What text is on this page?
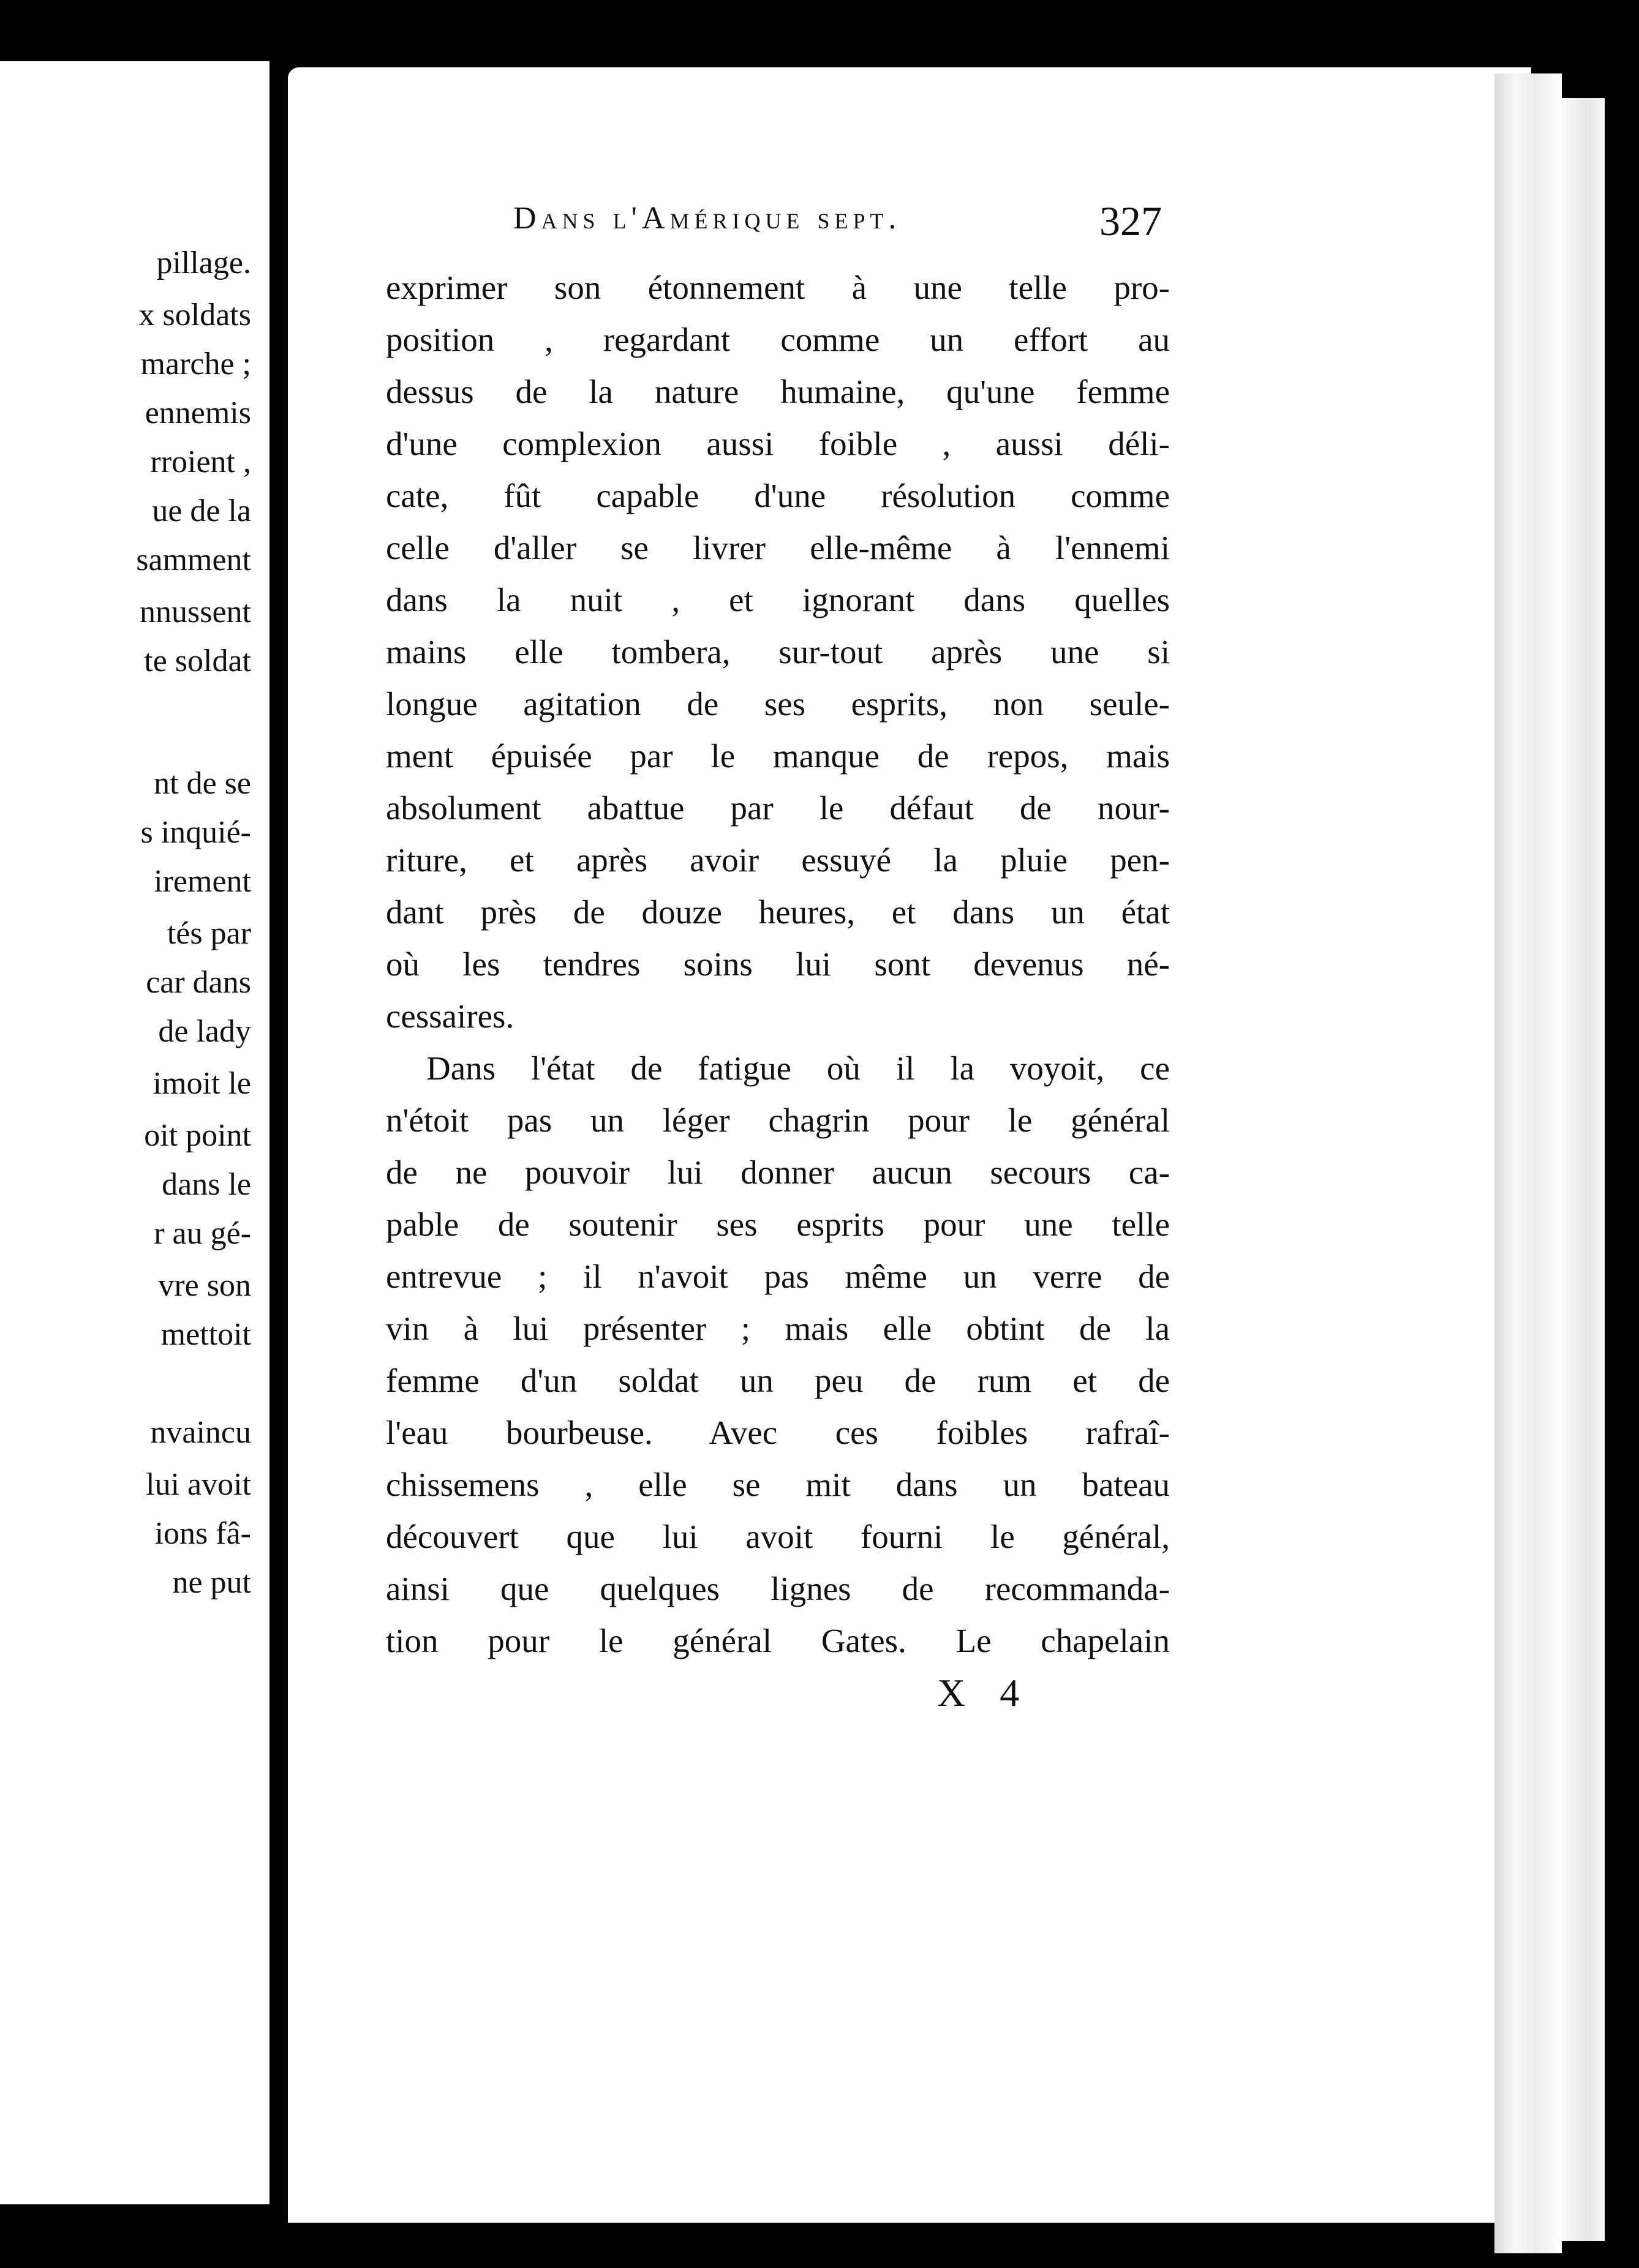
pillage.
x soldats
marche ;
ennemis
rroient ,
ue de la
samment
nnussent
te soldat
nt de se
s inquié-
irement
tés par
car dans
de lady
imoit le
oit point
dans le
r au gé-
vre son
mettoit
nvaincu
lui avoit
ions fâ-
ne put
Dans l'Amérique sept.	327
exprimer son étonnement à une telle pro-
position , regardant comme un effort au
dessus de la nature humaine, qu'une femme
d'une complexion aussi foible , aussi déli-
cate, fût capable d'une résolution comme
celle d'aller se livrer elle-même à l'ennemi
dans la nuit , et ignorant dans quelles
mains elle tombera, sur-tout après une si
longue agitation de ses esprits, non seule-
ment épuisée par le manque de repos, mais
absolument abattue par le défaut de nour-
riture, et après avoir essuyé la pluie pen-
dant près de douze heures, et dans un état
où les tendres soins lui sont devenus né-
cessaires.
Dans l'état de fatigue où il la voyoit, ce
n'étoit pas un léger chagrin pour le général
de ne pouvoir lui donner aucun secours ca-
pable de soutenir ses esprits pour une telle
entrevue ; il n'avoit pas même un verre de
vin à lui présenter ; mais elle obtint de la
femme d'un soldat un peu de rum et de
l'eau bourbeuse. Avec ces foibles rafraî-
chissemens , elle se mit dans un bateau
découvert que lui avoit fourni le général,
ainsi que quelques lignes de recommanda-
tion pour le général Gates. Le chapelain
X 4
